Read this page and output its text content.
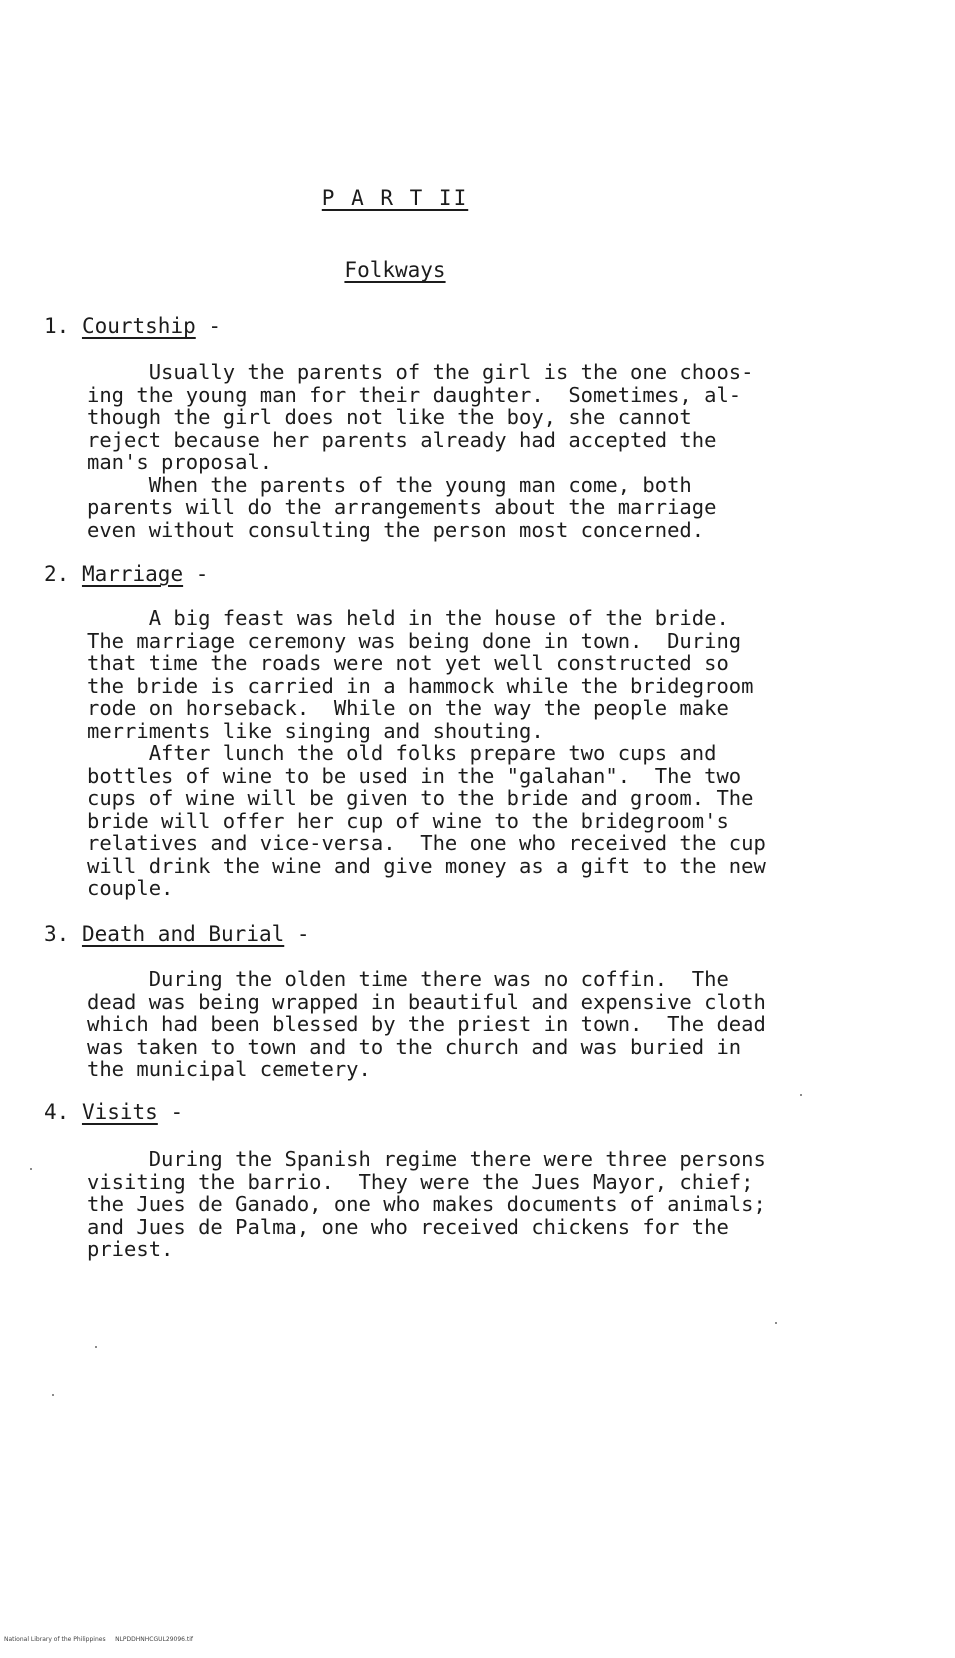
P A R T II
Folkways
1. Courtship -
Usually the parents of the girl is the one choos-
ing the young man for their daughter.  Sometimes, al-
though the girl does not like the boy, she cannot
reject because her parents already had accepted the
man's proposal.
When the parents of the young man come, both
parents will do the arrangements about the marriage
even without consulting the person most concerned.
2. Marriage -
A big feast was held in the house of the bride.
The marriage ceremony was being done in town.  During
that time the roads were not yet well constructed so
the bride is carried in a hammock while the bridegroom
rode on horseback.  While on the way the people make
merriments like singing and shouting.
After lunch the old folks prepare two cups and
bottles of wine to be used in the "galahan".  The two
cups of wine will be given to the bride and groom. The
bride will offer her cup of wine to the bridegroom's
relatives and vice-versa.  The one who received the cup
will drink the wine and give money as a gift to the new
couple.
3. Death and Burial -
During the olden time there was no coffin.  The
dead was being wrapped in beautiful and expensive cloth
which had been blessed by the priest in town.  The dead
was taken to town and to the church and was buried in
the municipal cemetery.
4. Visits -
During the Spanish regime there were three persons
visiting the barrio.  They were the Jues Mayor, chief;
the Jues de Ganado, one who makes documents of animals;
and Jues de Palma, one who received chickens for the
priest.
National Library of the Philippines     NLPDDHNHCGUL29096.tif
